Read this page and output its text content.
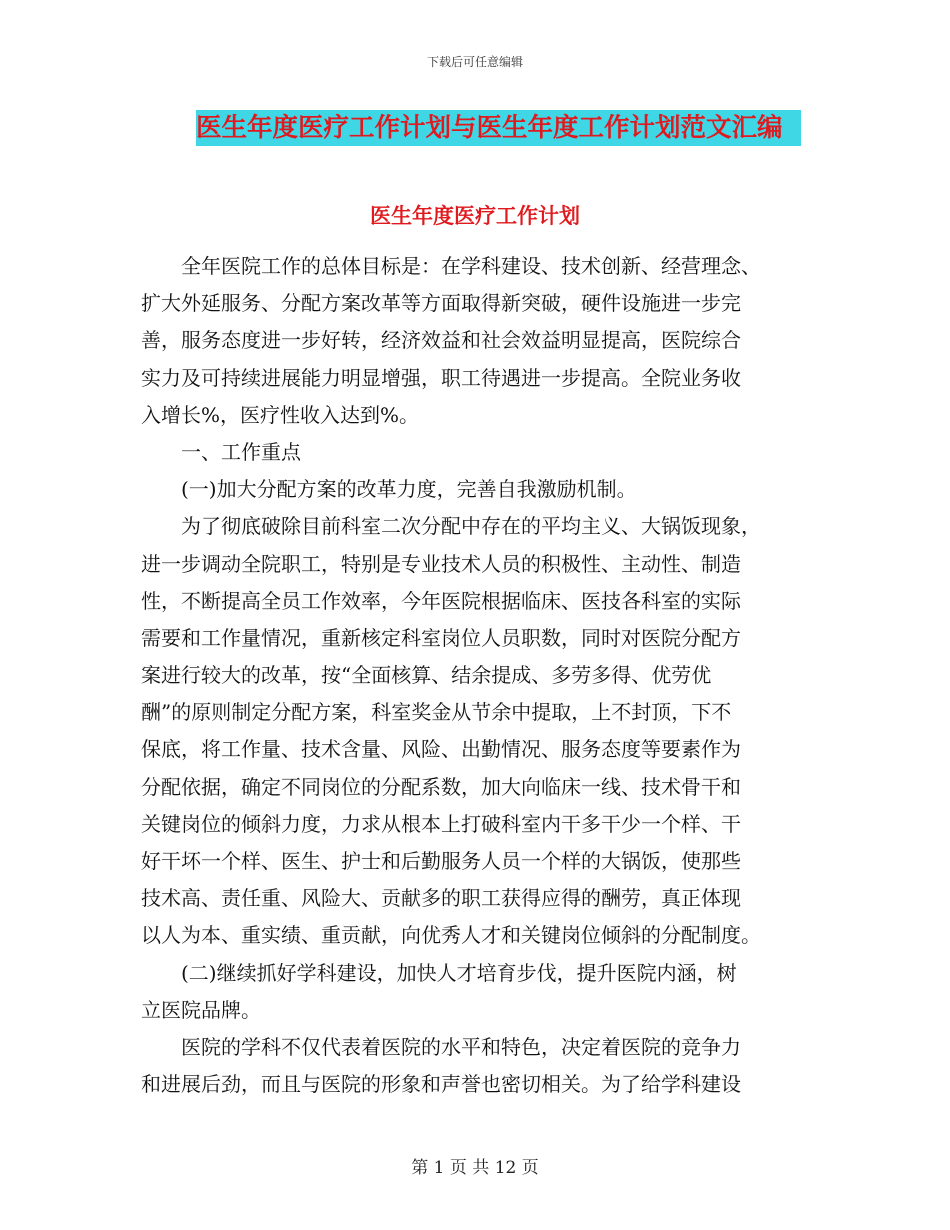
下载后可任意编辑
医生年度医疗工作计划与医生年度工作计划范文汇编
医生年度医疗工作计划
　　全年医院工作的总体目标是：在学科建设、技术创新、经营理念、
扩大外延服务、分配方案改革等方面取得新突破，硬件设施进一步完
善，服务态度进一步好转，经济效益和社会效益明显提高，医院综合
实力及可持续进展能力明显增强，职工待遇进一步提高。全院业务收
入增长%，医疗性收入达到%。
　　一、工作重点
　　(一)加大分配方案的改革力度，完善自我激励机制。
　　为了彻底破除目前科室二次分配中存在的平均主义、大锅饭现象，
进一步调动全院职工，特别是专业技术人员的积极性、主动性、制造
性，不断提高全员工作效率，今年医院根据临床、医技各科室的实际
需要和工作量情况，重新核定科室岗位人员职数，同时对医院分配方
案进行较大的改革，按“全面核算、结余提成、多劳多得、优劳优
酬”的原则制定分配方案，科室奖金从节余中提取，上不封顶，下不
保底，将工作量、技术含量、风险、出勤情况、服务态度等要素作为
分配依据，确定不同岗位的分配系数，加大向临床一线、技术骨干和
关键岗位的倾斜力度，力求从根本上打破科室内干多干少一个样、干
好干坏一个样、医生、护士和后勤服务人员一个样的大锅饭，使那些
技术高、责任重、风险大、贡献多的职工获得应得的酬劳，真正体现
以人为本、重实绩、重贡献，向优秀人才和关键岗位倾斜的分配制度。
　　(二)继续抓好学科建设，加快人才培育步伐，提升医院内涵，树
立医院品牌。
　　医院的学科不仅代表着医院的水平和特色，决定着医院的竞争力
和进展后劲，而且与医院的形象和声誉也密切相关。为了给学科建设
第 1 页 共 12 页
